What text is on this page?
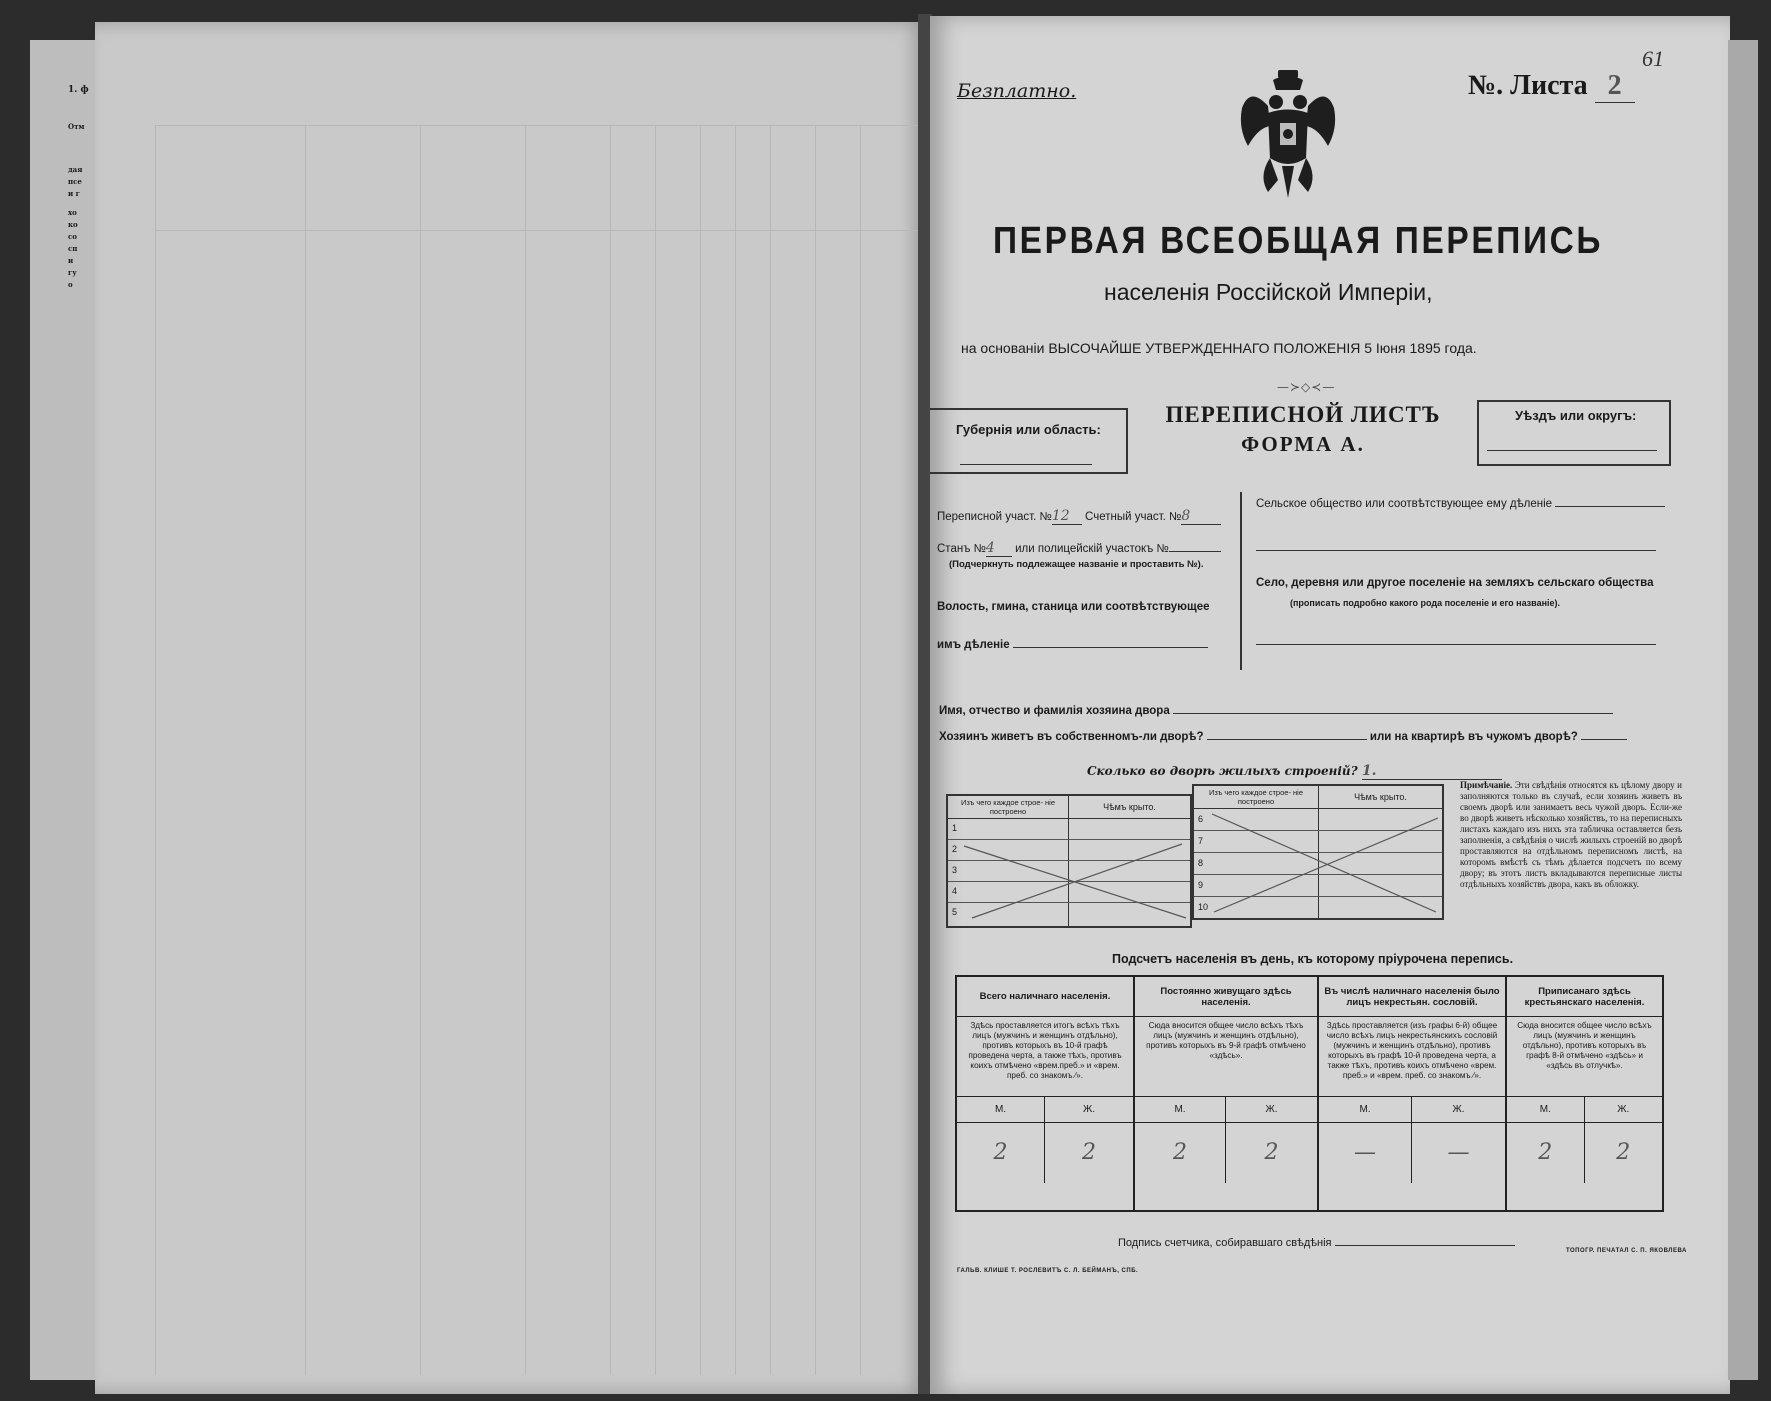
1. ф
Отм
дая
псе
и г
хо
ко
со
сп
и
гу
о
Безплатно.	№. Листа 2
61
ПЕРВАЯ ВСЕОБЩАЯ ПЕРЕПИСЬ
населенія Россійской Имперіи,
на основаніи ВЫСОЧАЙШЕ УТВЕРЖДЕННАГО ПОЛОЖЕНІЯ 5 Іюня 1895 года.
—≻◇≺—
Губернія или область:
ПЕРЕПИСНОЙ ЛИСТЪ
ФОРМА А.
Уѣздъ или округъ:
Переписной участ. №12 Счетный участ. №8
Станъ №4 или полицейскій участокъ №
(Подчеркнуть подлежащее названіе и проставить №).
Волость, гмина, станица или соотвѣтствующее
имъ дѣленіе
Сельское общество или соотвѣтствующее ему дѣленіе
Село, деревня или другое поселеніе на земляхъ сельскаго общества
(прописать подробно какого рода поселеніе и его названіе).
Имя, отчество и фамилія хозяина двора
Хозяинъ живетъ въ собственномъ-ли дворѣ?	или на квартирѣ въ чужомъ дворѣ?
Сколько во дворѣ жилыхъ строеній? 1.
Изъ чего каждое строе- ніе построено	Чѣмъ крыто.
1
2
3
4
5
Изъ чего каждое строе- ніе построено	Чѣмъ крыто.
6
7
8
9
10
Примѣчаніе. Эти свѣдѣнія относятся къ цѣлому двору и заполняются только въ случаѣ, если хозяинъ живетъ въ своемъ дворѣ или занимаетъ весь чужой дворъ. Если-же во дворѣ живетъ нѣсколько хозяйствъ, то на переписныхъ листахъ каждаго изъ нихъ эта табличка оставляется безъ заполненія, а свѣдѣнія о числѣ жилыхъ строеній во дворѣ проставляются на отдѣльномъ переписномъ листѣ, на которомъ вмѣстѣ съ тѣмъ дѣлается подсчетъ по всему двору; въ этотъ листъ вкладываются переписные листы отдѣльныхъ хозяйствъ двора, какъ въ обложку.
Подсчетъ населенія въ день, къ которому пріурочена перепись.
Всего наличнаго населенія.
Здѣсь проставляется итогъ всѣхъ тѣхъ лицъ (мужчинъ и женщинъ отдѣльно), противъ которыхъ въ 10-й графѣ проведена черта, а также тѣхъ, противъ коихъ отмѣчено «врем.преб.» и «врем. преб. со знакомъ ⁄».
М.	Ж.
2	2
Постоянно живущаго здѣсь населенія.
Сюда вносится общее число всѣхъ тѣхъ лицъ (мужчинъ и женщинъ отдѣльно), противъ которыхъ въ 9-й графѣ отмѣчено «здѣсь».
М.	Ж.
2	2
Въ числѣ наличнаго населенія было лицъ некрестьян. сословій.
Здѣсь проставляется (изъ графы 6-й) общее число всѣхъ лицъ некрестьянскихъ сословій (мужчинъ и женщинъ отдѣльно), противъ которыхъ въ графѣ 10-й проведена черта, а также тѣхъ, противъ коихъ отмѣчено «врем. преб.» и «врем. преб. со знакомъ ⁄».
М.	Ж.
—	—
Приписанаго здѣсь крестьянскаго населенія.
Сюда вносится общее число всѣхъ лицъ (мужчинъ и женщинъ отдѣльно), противъ которыхъ въ графѣ 8-й отмѣчено «здѣсь» и «здѣсь въ отлучкѣ».
М.	Ж.
2	2
Подпись счетчика, собиравшаго свѣдѣнія
ГАЛЬВ. КЛИШЕ Т. РОСЛЕВИТЪ С. Л. БЕЙМАНЪ, СПБ.
ТОПОГР. ПЕЧАТАЛ С. П. ЯКОВЛЕВА
